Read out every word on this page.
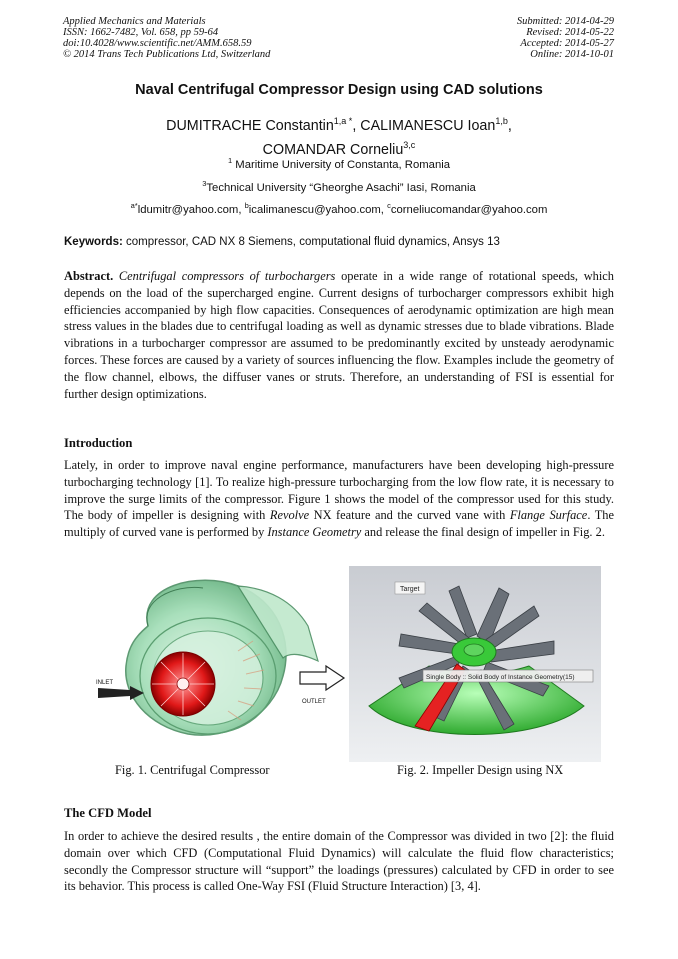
Applied Mechanics and Materials
ISSN: 1662-7482, Vol. 658, pp 59-64
doi:10.4028/www.scientific.net/AMM.658.59
© 2014 Trans Tech Publications Ltd, Switzerland
Submitted: 2014-04-29
Revised: 2014-05-22
Accepted: 2014-05-27
Online: 2014-10-01
Naval Centrifugal Compressor Design using CAD solutions
DUMITRACHE Constantin$^{1,a *}$, CALIMANESCU Ioan$^{1,b}$,
COMANDAR Corneliu$^{3,c}$
$^1$ Maritime University of Constanta, Romania
$^3$Technical University “Gheorghe Asachi” Iasi, Romania
$^{a*}$ldumitr@yahoo.com, $^b$icalimanescu@yahoo.com, $^c$corneliucomandar@yahoo.com
Keywords: compressor, CAD NX 8 Siemens, computational fluid dynamics, Ansys 13
Abstract. Centrifugal compressors of turbochargers operate in a wide range of rotational speeds, which depends on the load of the supercharged engine. Current designs of turbocharger compressors exhibit high efficiencies accompanied by high flow capacities. Consequences of aerodynamic optimization are high mean stress values in the blades due to centrifugal loading as well as dynamic stresses due to blade vibrations. Blade vibrations in a turbocharger compressor are assumed to be predominantly excited by unsteady aerodynamic forces. These forces are caused by a variety of sources influencing the flow. Examples include the geometry of the flow channel, elbows, the diffuser vanes or struts. Therefore, an understanding of FSI is essential for further design optimizations.
Introduction
Lately, in order to improve naval engine performance, manufacturers have been developing high-pressure turbocharging technology [1]. To realize high-pressure turbocharging from the low flow rate, it is necessary to improve the surge limits of the compressor. Figure 1 shows the model of the compressor used for this study. The body of impeller is designing with Revolve NX feature and the curved vane with Flange Surface. The multiply of curved vane is performed by Instance Geometry and release the final design of impeller in Fig. 2.
INLET
OUTLET
Fig. 1. Centrifugal Compressor
Target
Single Body :: Solid Body of Instance Geometry(15)
Fig. 2. Impeller Design using NX
The CFD Model
In order to achieve the desired results , the entire domain of the Compressor was divided in two [2]: the fluid domain over which CFD (Computational Fluid Dynamics) will calculate the fluid flow characteristics; secondly the Compressor structure will “support” the loadings (pressures) calculated by CFD in order to see its behavior. This process is called One-Way FSI (Fluid Structure Interaction) [3, 4].
